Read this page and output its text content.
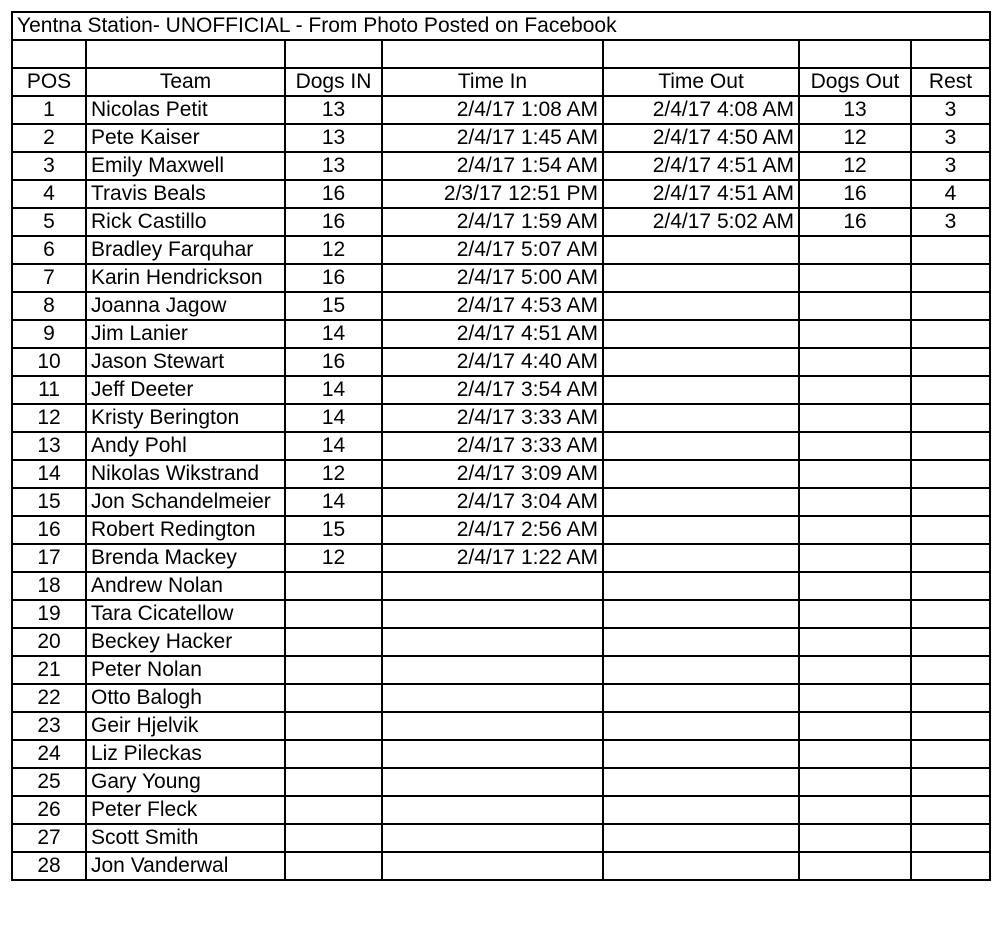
Yentna Station- UNOFFICIAL - From Photo Posted on Facebook						

POS	Team	Dogs IN	Time In	Time Out	Dogs Out	Rest
1	Nicolas Petit	13	2/4/17 1:08 AM	2/4/17 4:08 AM	13	3
2	Pete Kaiser	13	2/4/17 1:45 AM	2/4/17 4:50 AM	12	3
3	Emily Maxwell	13	2/4/17 1:54 AM	2/4/17 4:51 AM	12	3
4	Travis Beals	16	2/3/17 12:51 PM	2/4/17 4:51 AM	16	4
5	Rick Castillo	16	2/4/17 1:59 AM	2/4/17 5:02 AM	16	3
6	Bradley Farquhar	12	2/4/17 5:07 AM			
7	Karin Hendrickson	16	2/4/17 5:00 AM			
8	Joanna Jagow	15	2/4/17 4:53 AM			
9	Jim Lanier	14	2/4/17 4:51 AM			
10	Jason Stewart	16	2/4/17 4:40 AM			
11	Jeff Deeter	14	2/4/17 3:54 AM			
12	Kristy Berington	14	2/4/17 3:33 AM			
13	Andy Pohl	14	2/4/17 3:33 AM			
14	Nikolas Wikstrand	12	2/4/17 3:09 AM			
15	Jon Schandelmeier	14	2/4/17 3:04 AM			
16	Robert Redington	15	2/4/17 2:56 AM			
17	Brenda Mackey	12	2/4/17 1:22 AM			
18	Andrew Nolan					
19	Tara Cicatellow					
20	Beckey Hacker					
21	Peter Nolan					
22	Otto Balogh					
23	Geir Hjelvik					
24	Liz Pileckas					
25	Gary Young					
26	Peter Fleck					
27	Scott Smith					
28	Jon Vanderwal					
